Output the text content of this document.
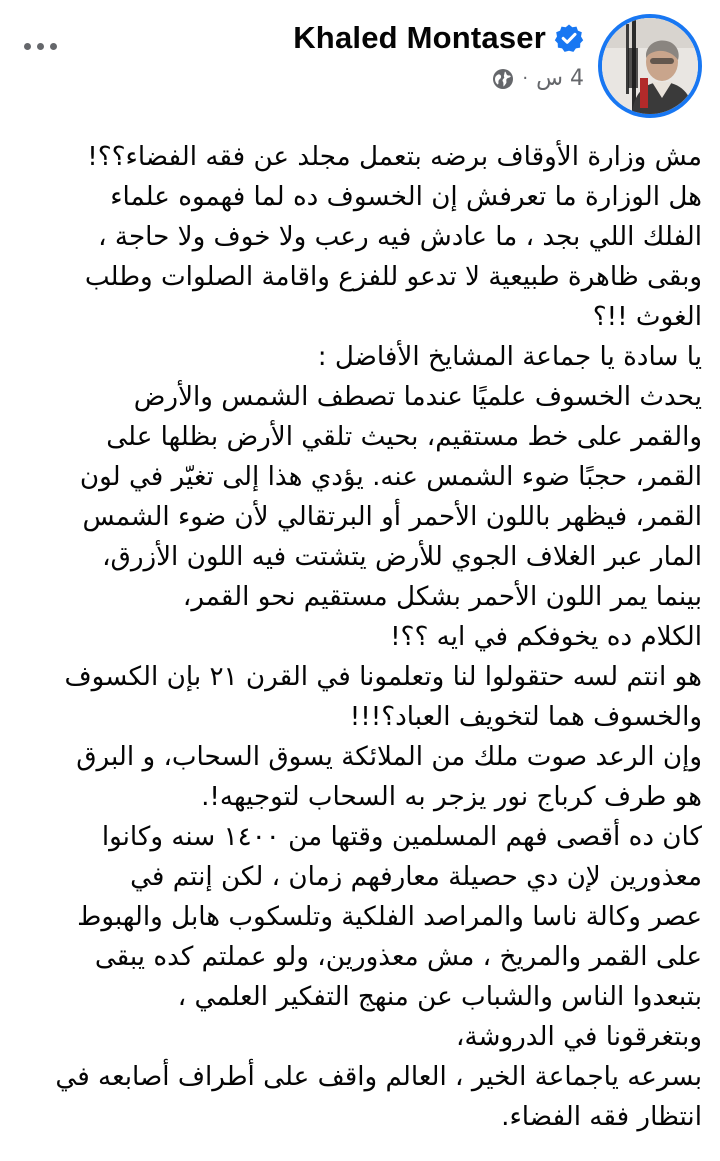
Khaled Montaser
· 4 س
مش وزارة الأوقاف برضه بتعمل مجلد عن فقه الفضاء؟؟!
هل الوزارة ما تعرفش إن الخسوف ده لما فهموه علماء
الفلك اللي بجد ، ما عادش فيه رعب ولا خوف ولا حاجة ،
وبقى ظاهرة طبيعية لا تدعو للفزع واقامة الصلوات وطلب
الغوث !!؟
يا سادة يا جماعة المشايخ الأفاضل :
يحدث الخسوف علميًا عندما تصطف الشمس والأرض
والقمر على خط مستقيم، بحيث تلقي الأرض بظلها على
القمر، حجبًا ضوء الشمس عنه. يؤدي هذا إلى تغيّر في لون
القمر، فيظهر باللون الأحمر أو البرتقالي لأن ضوء الشمس
المار عبر الغلاف الجوي للأرض يتشتت فيه اللون الأزرق،
بينما يمر اللون الأحمر بشكل مستقيم نحو القمر،
الكلام ده يخوفكم في ايه ؟؟!
هو انتم لسه حتقولوا لنا وتعلمونا في القرن ٢١ بإن الكسوف
والخسوف هما لتخويف العباد؟!!!
وإن الرعد صوت ملك من الملائكة يسوق السحاب، و البرق
هو طرف كرباج نور يزجر به السحاب لتوجيهه!.
كان ده أقصى فهم المسلمين وقتها من ١٤٠٠ سنه وكانوا
معذورين لإن دي حصيلة معارفهم زمان ، لكن إنتم في
عصر وكالة ناسا والمراصد الفلكية وتلسكوب هابل والهبوط
على القمر والمريخ ، مش معذورين، ولو عملتم كده يبقى
بتبعدوا الناس والشباب عن منهج التفكير العلمي ،
وبتغرقونا في الدروشة،
بسرعه ياجماعة الخير ، العالم واقف على أطراف أصابعه في
انتظار فقه الفضاء.
